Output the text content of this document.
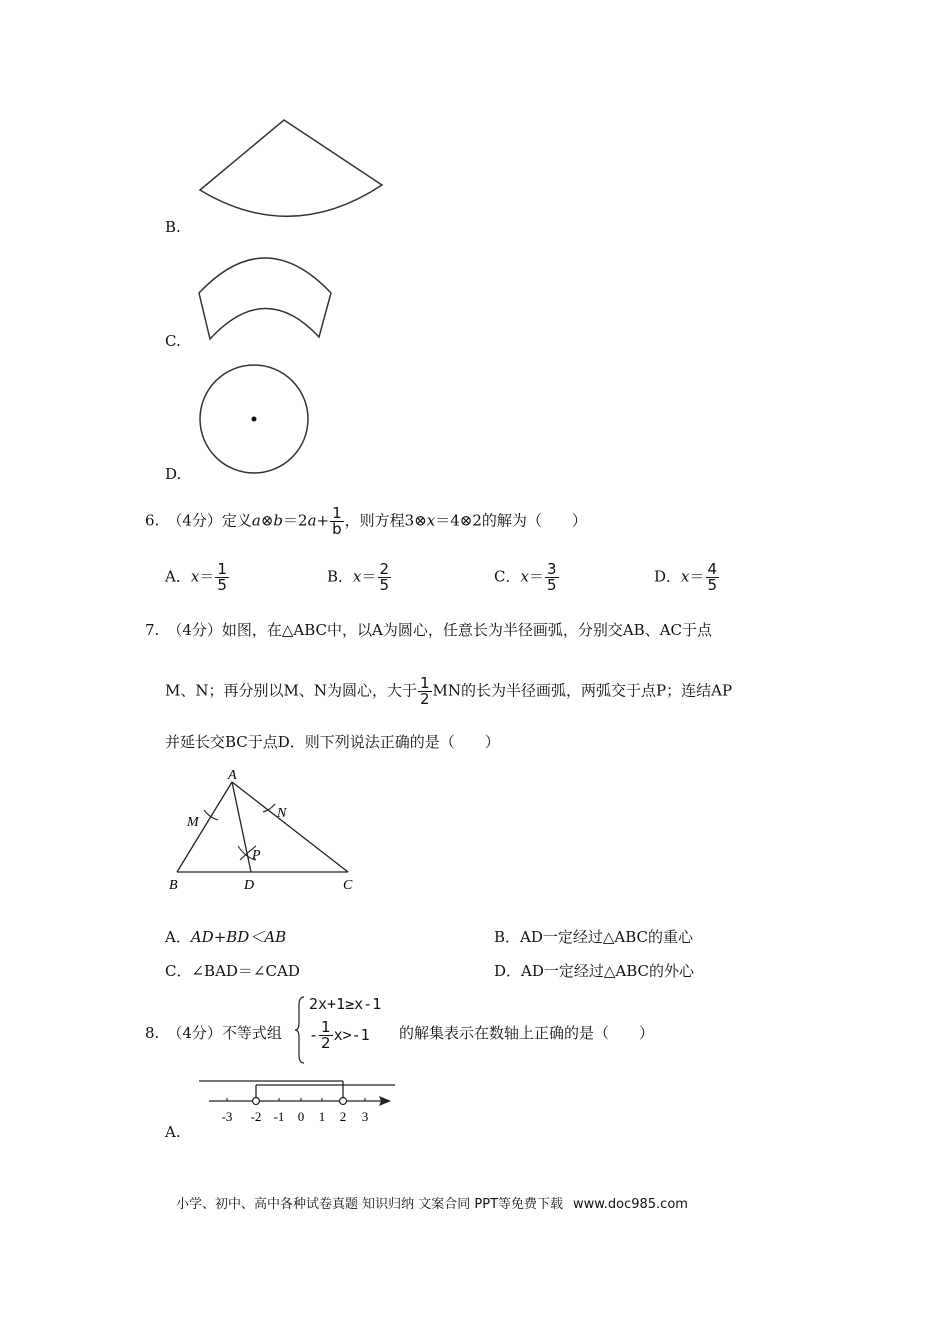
B.
C.
D.
6. （4分）定义a⊗b＝2a+ $\frac{1}{b}$ ，则方程3⊗x＝4⊗2的解为（　　）
A．$x= \frac{1}{5}$	B．$x= \frac{2}{5}$	C．$x= \frac{3}{5}$	D．$x= \frac{4}{5}$
7. （4分）如图，在△ABC中，以A为圆心，任意长为半径画弧，分别交AB、AC于点
M、N；再分别以M、N为圆心，大于 $\frac{1}{2}$ MN的长为半径画弧，两弧交于点P；连结AP
并延长交BC于点D．则下列说法正确的是（　　）
A
B	C
D
M
N
P
A．AD+BD＜AB	B．AD一定经过△ABC的重心
C．∠BAD＝∠CAD	D．AD一定经过△ABC的外心
8. （4分）不等式组
2x+1≥x-1
- $\frac{1}{2} x>-1$ 的解集表示在数轴上正确的是（　　）
-3 -2 -1 0 1 2 3
A.
小学、初中、高中各种试卷真题 知识归纳 文案合同 PPT等免费下载 www.doc985.com
